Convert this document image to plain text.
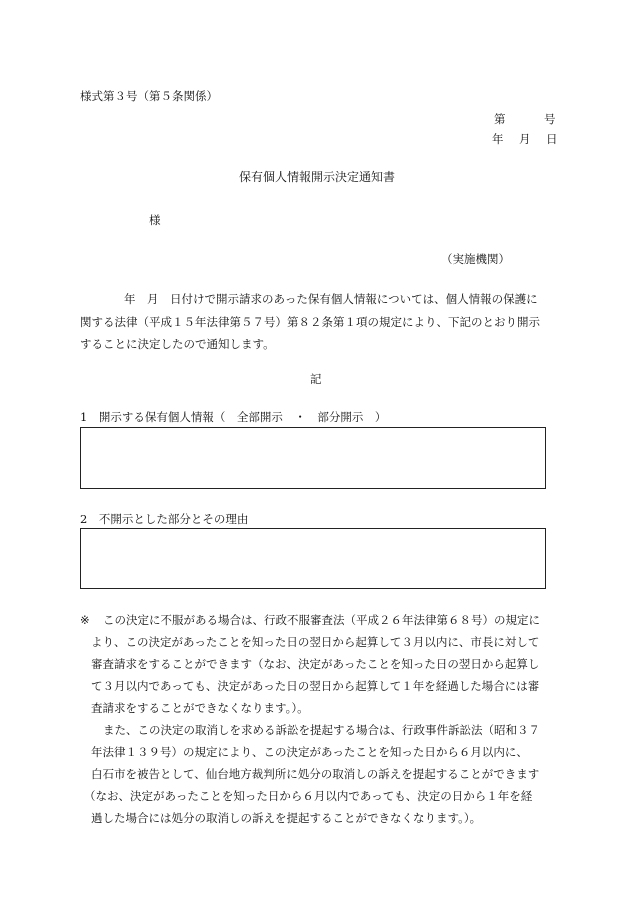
様式第３号（第５条関係）
第　　　号
年　月　日
保有個人情報開示決定通知書
様
（実施機関）
年　月　日付けで開示請求のあった保有個人情報については、個人情報の保護に
関する法律（平成１５年法律第５７号）第８２条第１項の規定により、下記のとおり開示
することに決定したので通知します。
記
1　開示する保有個人情報（　全部開示　・　部分開示　）
2　不開示とした部分とその理由
※	この決定に不服がある場合は、行政不服審査法（平成２６年法律第６８号）の規定に
より、この決定があったことを知った日の翌日から起算して３月以内に、市長に対して
審査請求をすることができます（なお、決定があったことを知った日の翌日から起算し
て３月以内であっても、決定があった日の翌日から起算して１年を経過した場合には審
査請求をすることができなくなります。）。
また、この決定の取消しを求める訴訟を提起する場合は、行政事件訴訟法（昭和３７
年法律１３９号）の規定により、この決定があったことを知った日から６月以内に、
白石市を被告として、仙台地方裁判所に処分の取消しの訴えを提起することができます
（なお、決定があったことを知った日から６月以内であっても、決定の日から１年を経
過した場合には処分の取消しの訴えを提起することができなくなります。）。
